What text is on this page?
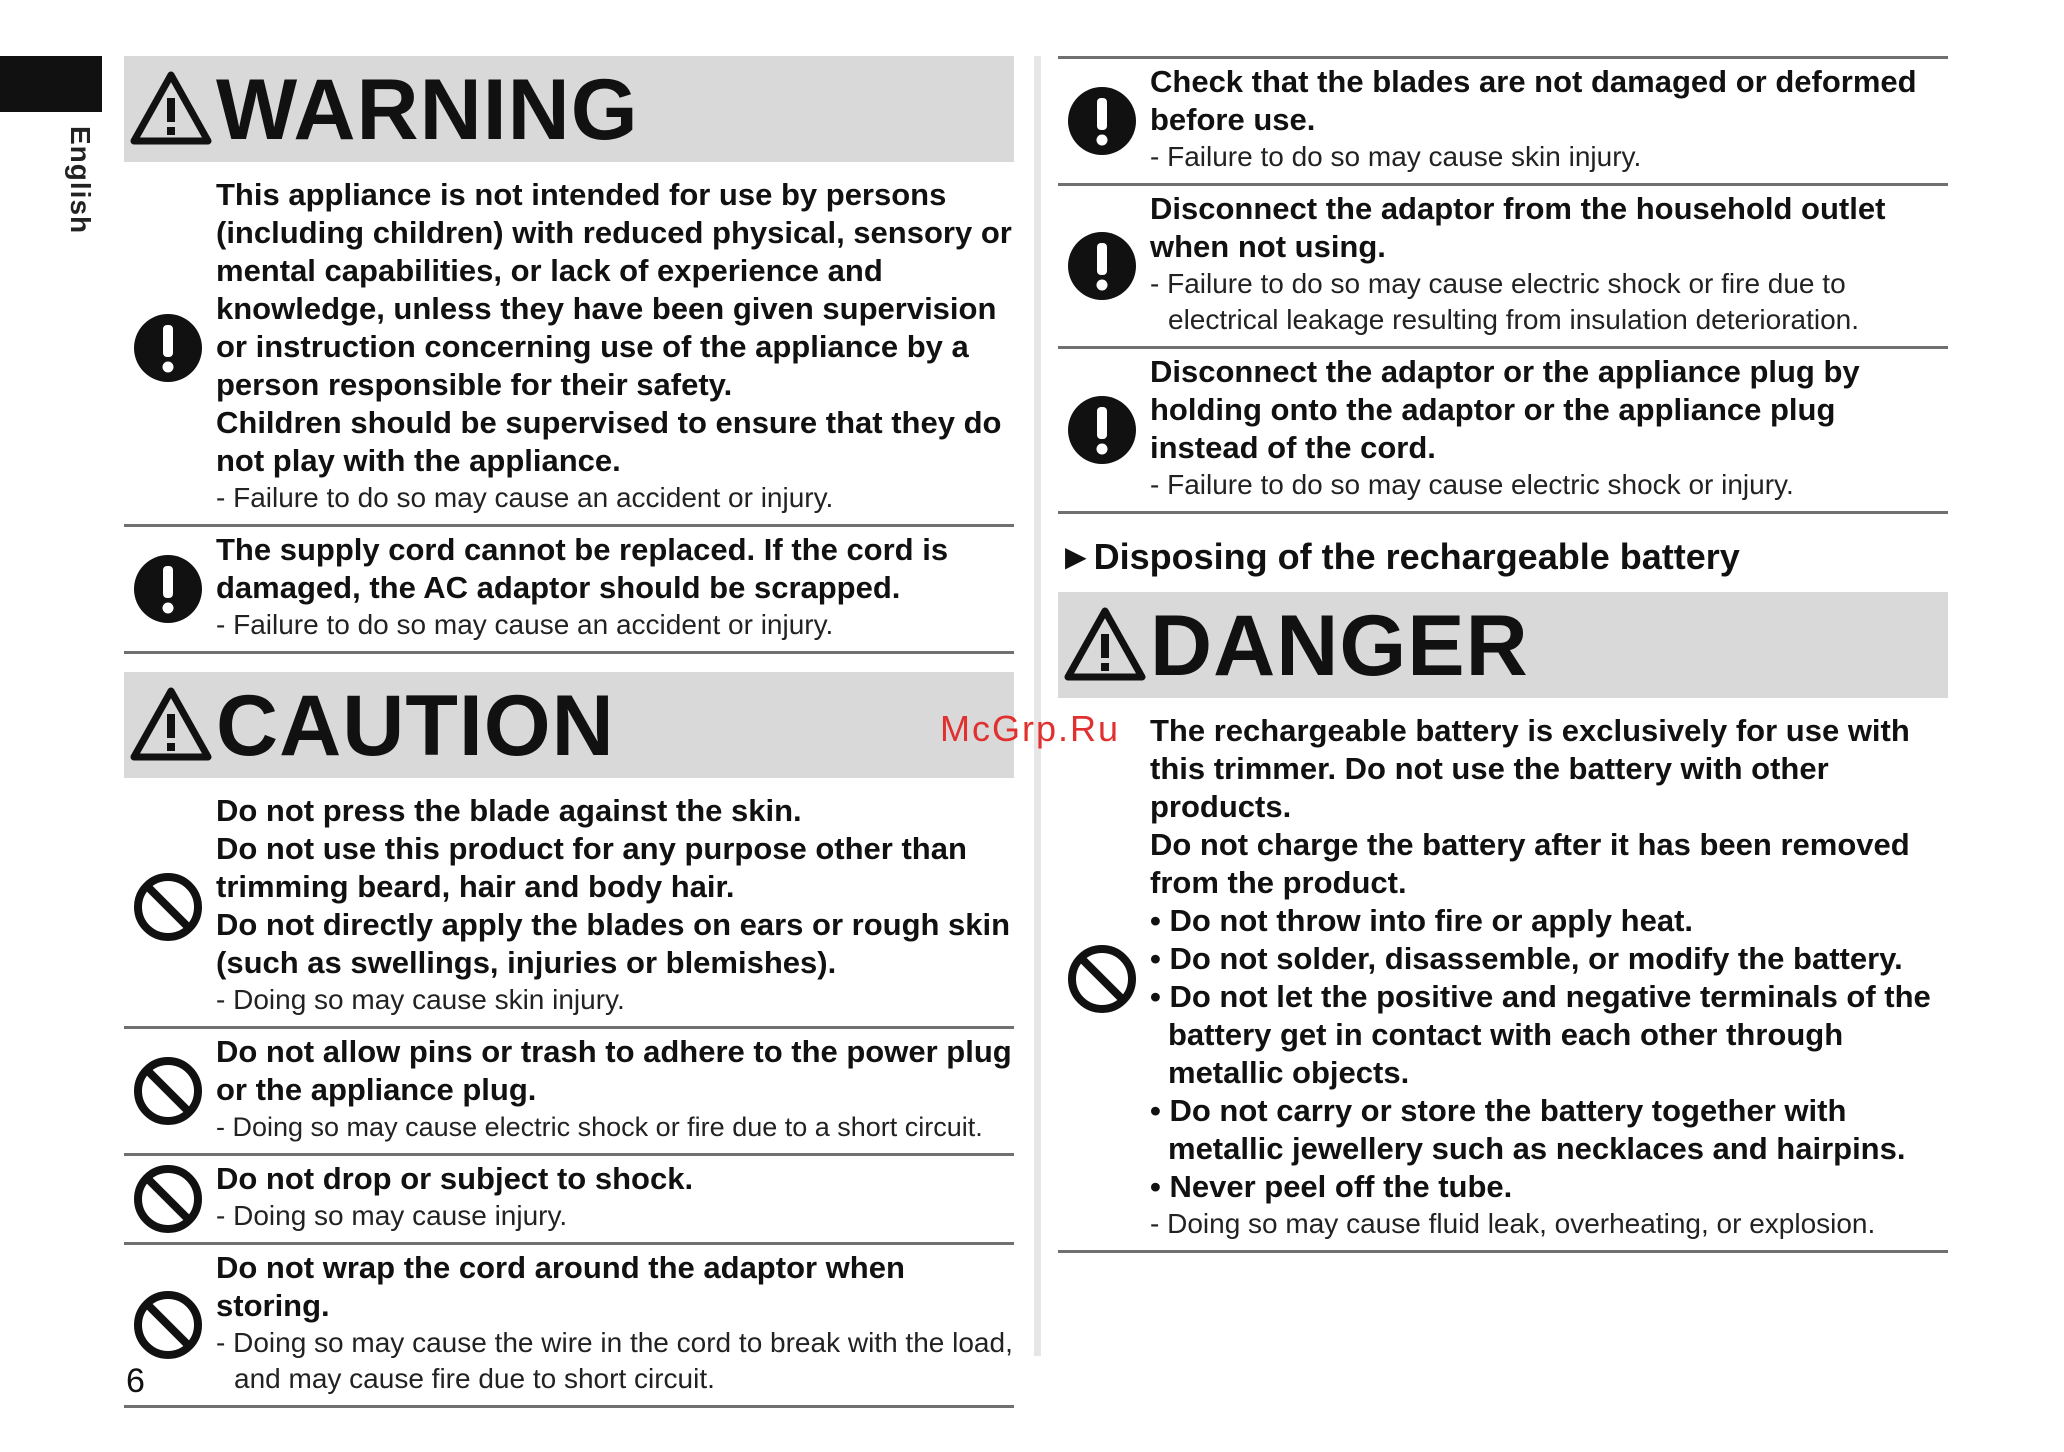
English
WARNING
This appliance is not intended for use by persons (including children) with reduced physical, sensory or mental capabilities, or lack of experience and knowledge, unless they have been given supervision or instruction concerning use of the appliance by a person responsible for their safety.
Children should be supervised to ensure that they do not play with the appliance.
- Failure to do so may cause an accident or injury.
The supply cord cannot be replaced. If the cord is damaged, the AC adaptor should be scrapped.
- Failure to do so may cause an accident or injury.
CAUTION
Do not press the blade against the skin.
Do not use this product for any purpose other than trimming beard, hair and body hair.
Do not directly apply the blades on ears or rough skin (such as swellings, injuries or blemishes).
- Doing so may cause skin injury.
Do not allow pins or trash to adhere to the power plug or the appliance plug.
- Doing so may cause electric shock or fire due to a short circuit.
Do not drop or subject to shock.
- Doing so may cause injury.
Do not wrap the cord around the adaptor when storing.
- Doing so may cause the wire in the cord to break with the load, and may cause fire due to short circuit.
Check that the blades are not damaged or deformed before use.
- Failure to do so may cause skin injury.
Disconnect the adaptor from the household outlet when not using.
- Failure to do so may cause electric shock or fire due to electrical leakage resulting from insulation deterioration.
Disconnect the adaptor or the appliance plug by holding onto the adaptor or the appliance plug instead of the cord.
- Failure to do so may cause electric shock or injury.
►Disposing of the rechargeable battery
DANGER
The rechargeable battery is exclusively for use with this trimmer. Do not use the battery with other products.
Do not charge the battery after it has been removed from the product.
• Do not throw into fire or apply heat.
• Do not solder, disassemble, or modify the battery.
• Do not let the positive and negative terminals of the battery get in contact with each other through metallic objects.
• Do not carry or store the battery together with metallic jewellery such as necklaces and hairpins.
• Never peel off the tube.
- Doing so may cause fluid leak, overheating, or explosion.
McGrp.Ru
6
